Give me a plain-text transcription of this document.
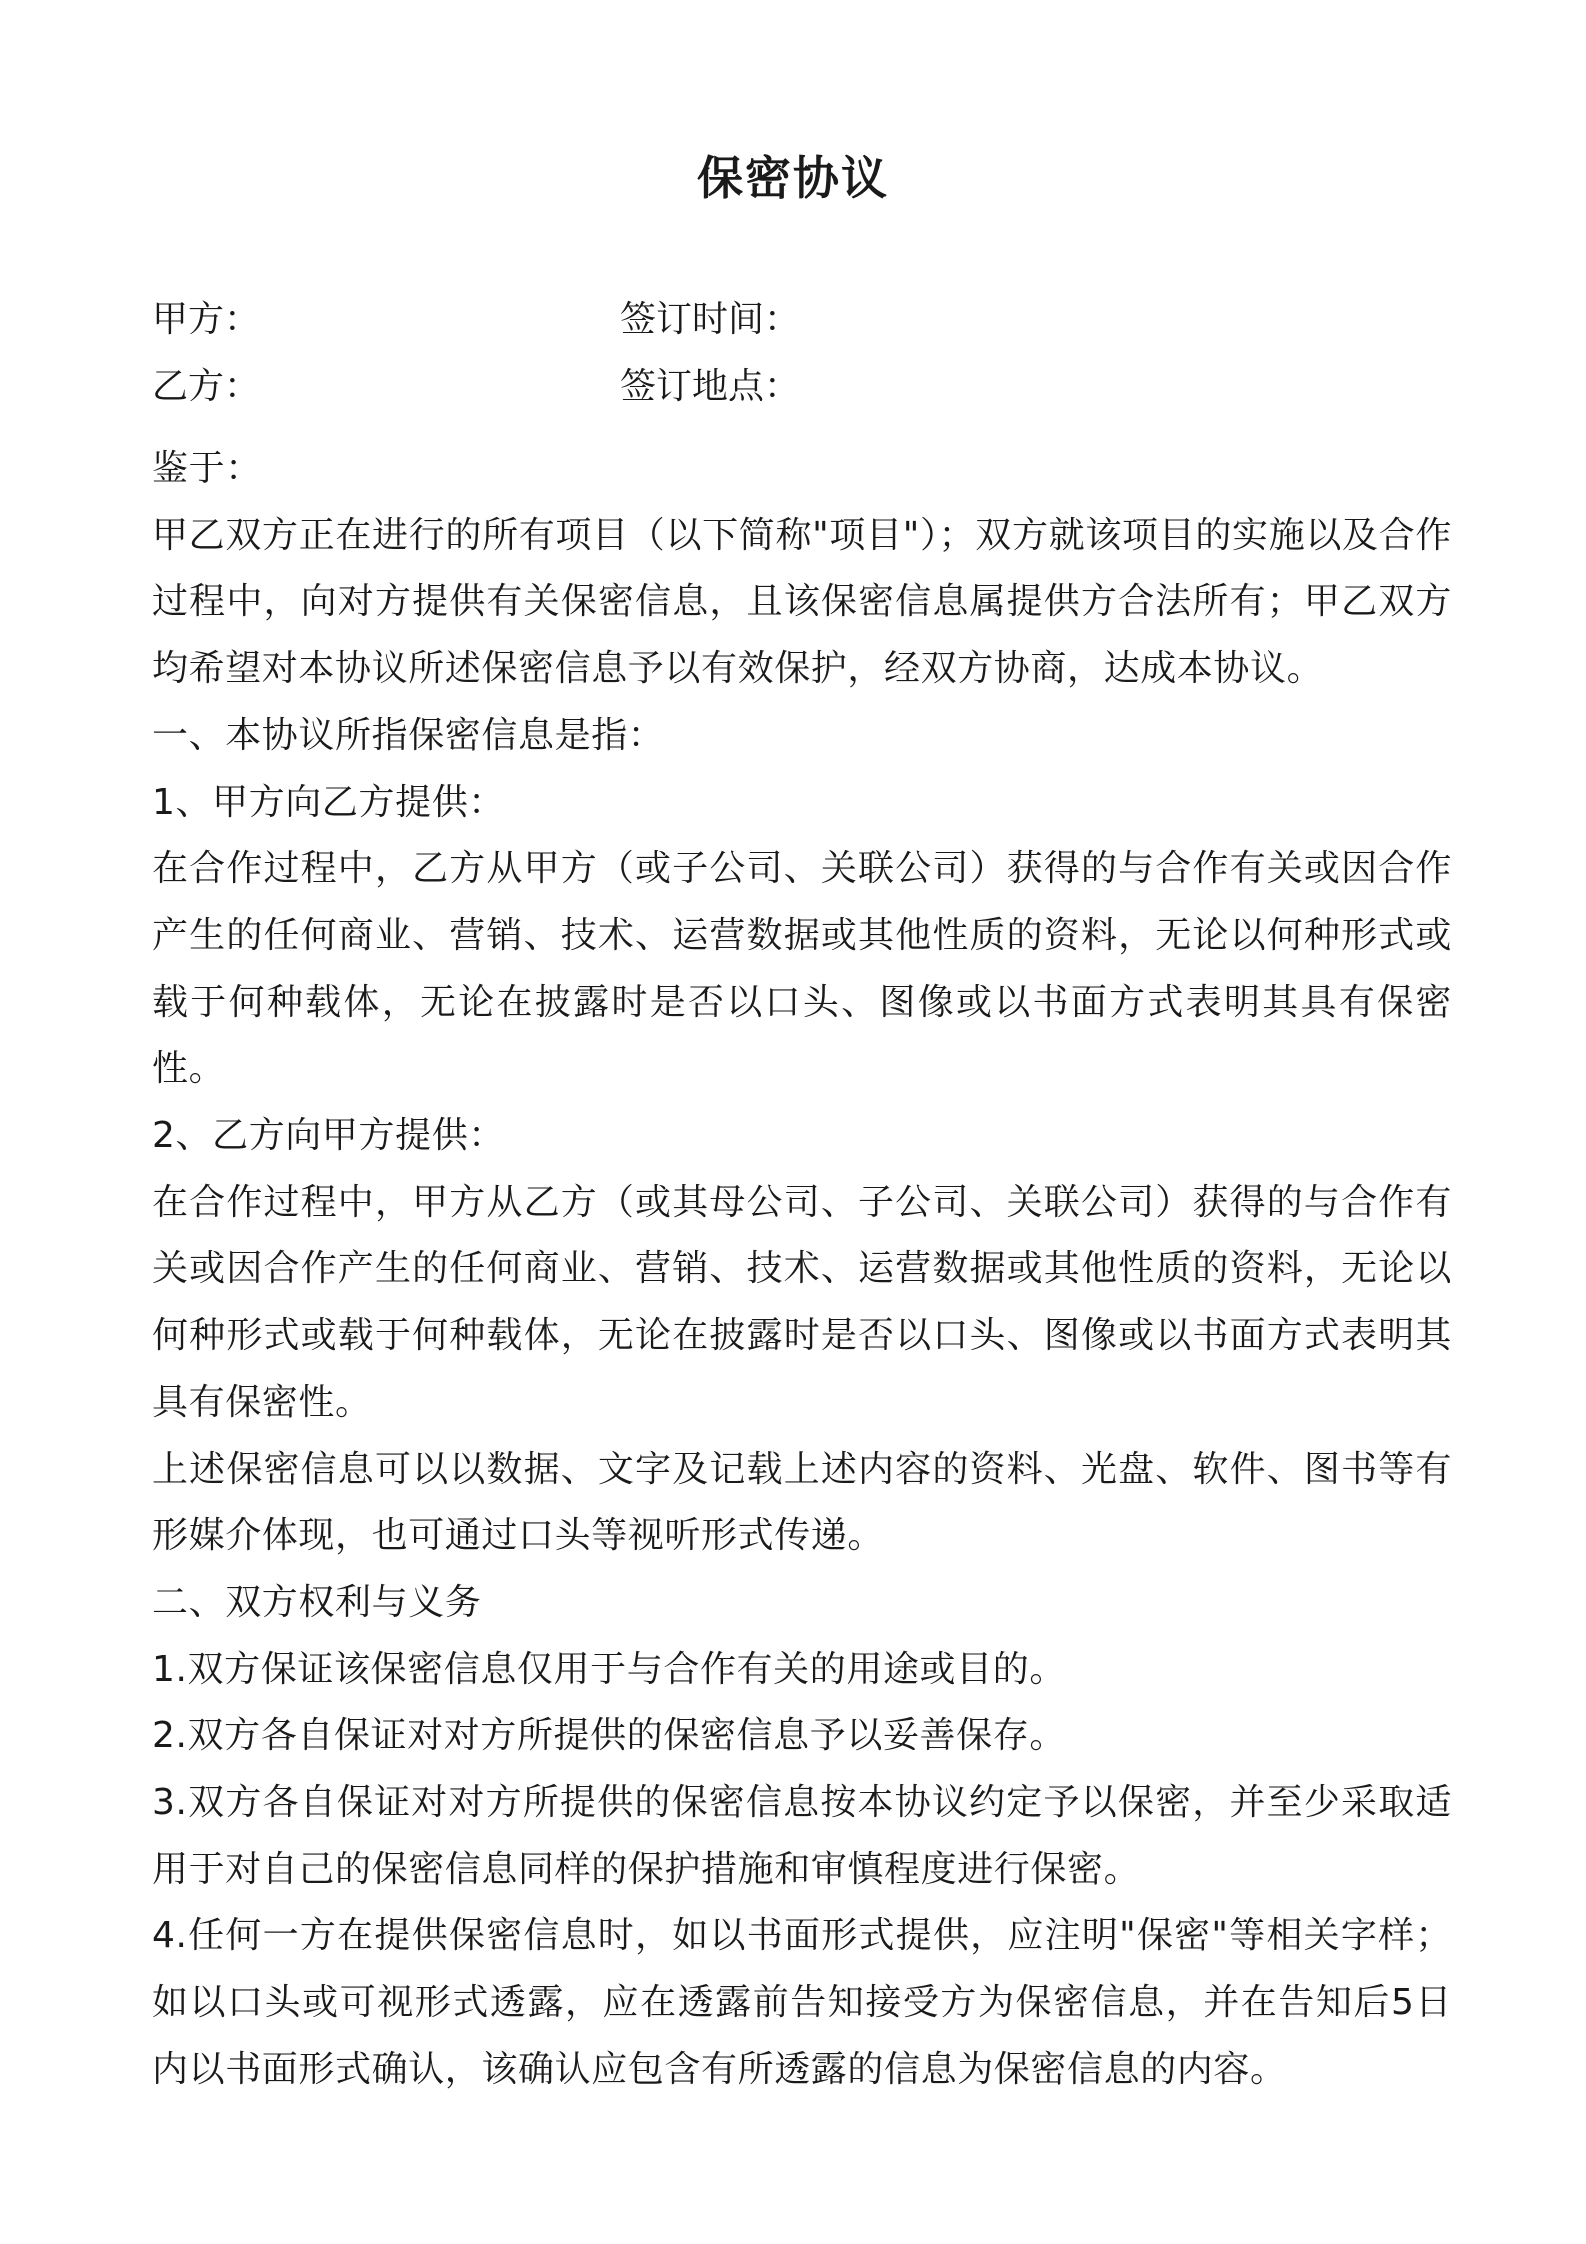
保密协议
甲方：	签订时间：
乙方：	签订地点：

鉴于：

甲乙双方正在进行的所有项目（以下简称"项目"）；双方就该项目的实施以及合作过程中，向对方提供有关保密信息，且该保密信息属提供方合法所有；甲乙双方均希望对本协议所述保密信息予以有效保护，经双方协商，达成本协议。

一、本协议所指保密信息是指：

1、甲方向乙方提供：

在合作过程中，乙方从甲方（或子公司、关联公司）获得的与合作有关或因合作产生的任何商业、营销、技术、运营数据或其他性质的资料，无论以何种形式或载于何种载体，无论在披露时是否以口头、图像或以书面方式表明其具有保密性。

2、乙方向甲方提供：

在合作过程中，甲方从乙方（或其母公司、子公司、关联公司）获得的与合作有关或因合作产生的任何商业、营销、技术、运营数据或其他性质的资料，无论以何种形式或载于何种载体，无论在披露时是否以口头、图像或以书面方式表明其具有保密性。

上述保密信息可以以数据、文字及记载上述内容的资料、光盘、软件、图书等有形媒介体现，也可通过口头等视听形式传递。

二、双方权利与义务

1.双方保证该保密信息仅用于与合作有关的用途或目的。

2.双方各自保证对对方所提供的保密信息予以妥善保存。

3.双方各自保证对对方所提供的保密信息按本协议约定予以保密，并至少采取适用于对自己的保密信息同样的保护措施和审慎程度进行保密。

4.任何一方在提供保密信息时，如以书面形式提供，应注明"保密"等相关字样；如以口头或可视形式透露，应在透露前告知接受方为保密信息，并在告知后5日内以书面形式确认，该确认应包含有所透露的信息为保密信息的内容。
